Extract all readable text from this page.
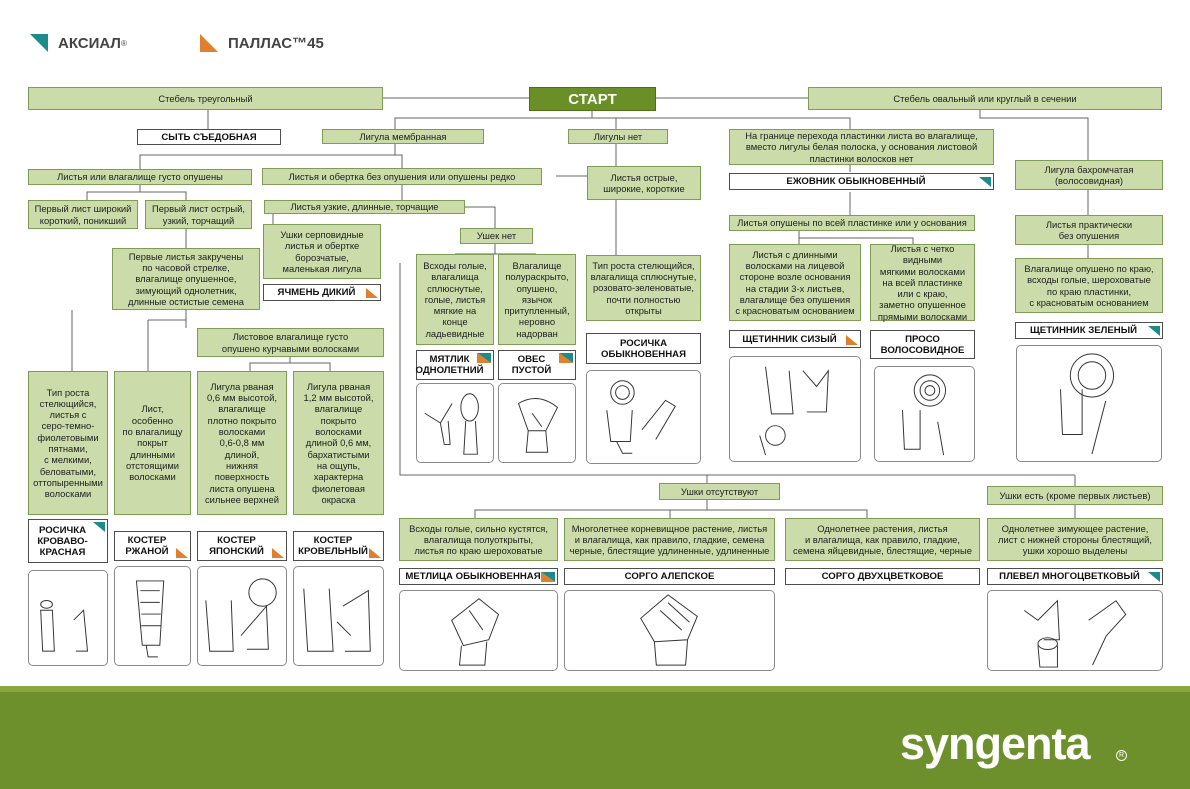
АКСИАЛ ®	ПАЛЛАС™45
СТАРТ
Стебель треугольный	Стебель овальный или круглый в сечении
СЫТЬ СЪЕДОБНАЯ	Лигула мембранная	Лигулы нет	На границе перехода пластинки листа во влагалище,
вместо лигулы белая полоска, у основания листовой
пластинки волосков нет
ЕЖОВНИК ОБЫКНОВЕННЫЙ
Лигула бахромчатая
(волосовидная)
Листья или влагалище густо опушены	Листья и обертка без опушения или опушены редко	Листья острые,
широкие, короткие
Первый лист широкий
короткий, поникший
Первый лист острый,
узкий, торчащий
Листья узкие, длинные, торчащие
Листья опушены по всей пластинке или у основания	Листья практически
без опушения
Ушки серповидные
листья и обертке
борозчатые,
маленькая лигула
ЯЧМЕНЬ ДИКИЙ
Ушек нет
Первые листья закручены
по часовой стрелке,
влагалище опушенное,
зимующий однолетник,
длинные остистые семена
Всходы голые,
влагалища
сплюснутые,
голые, листья
мягкие на
конце
ладьевидные
Влагалище
полураскрыто,
опушено,
язычок
притупленный,
неровно
надорван
Тип роста стелющийся,
влагалища сплюснутые,
розовато-зеленоватые,
почти полностью
открыты
Листья с длинными
волосками на лицевой
стороне возле основания
на стадии 3-х листьев,
влагалище без опушения
с красноватым основанием
Листья с четко видными
мягкими волосками
на всей пластинке
или с краю,
заметно опушенное
прямыми волосками
Влагалище опушено по краю,
всходы голые, шероховатые
по краю пластинки,
с красноватым основанием
ЩЕТИННИК ЗЕЛЕНЫЙ
ЩЕТИННИК СИЗЫЙ	ПРОСО
ВОЛОСОВИДНОЕ
РОСИЧКА
ОБЫКНОВЕННАЯ
МЯТЛИК
ОДНОЛЕТНИЙ
ОВЕС
ПУСТОЙ
Листовое влагалище густо
опушено курчавыми волосками
Тип роста
стелющийся,
листья с
серо-темно-
фиолетовыми
пятнами,
с мелкими,
беловатыми,
оттопыренными
волосками
Лист,
особенно
по влагалищу
покрыт
длинными
отстоящими
волосками
Лигула рваная
0,6 мм высотой,
влагалище
плотно покрыто
волосками
0,6-0,8 мм
длиной,
нижняя
поверхность
листа опушена
сильнее верхней
Лигула рваная
1,2 мм высотой,
влагалище
покрыто
волосками
длиной 0,6 мм,
бархатистыми
на ощупь,
характерна
фиолетовая
окраска
РОСИЧКА
КРОВАВО-
КРАСНАЯ
КОСТЕР
РЖАНОЙ
КОСТЕР
ЯПОНСКИЙ
КОСТЕР
КРОВЕЛЬНЫЙ
Ушки отсутствуют	Ушки есть (кроме первых листьев)
Всходы голые, сильно кустятся,
влагалища полуоткрыты,
листья по краю шероховатые
Многолетнее корневищное растение, листья
и влагалища, как правило, гладкие, семена
черные, блестящие удлиненные, удлиненные
Однолетнее растения, листья
и влагалища, как правило, гладкие,
семена яйцевидные, блестящие, черные
Однолетнее зимующее растение,
лист с нижней стороны блестящий,
ушки хорошо выделены
МЕТЛИЦА ОБЫКНОВЕННАЯ	СОРГО АЛЕПСКОЕ	СОРГО ДВУХЦВЕТКОВОЕ	ПЛЕВЕЛ МНОГОЦВЕТКОВЫЙ
syngenta	R
